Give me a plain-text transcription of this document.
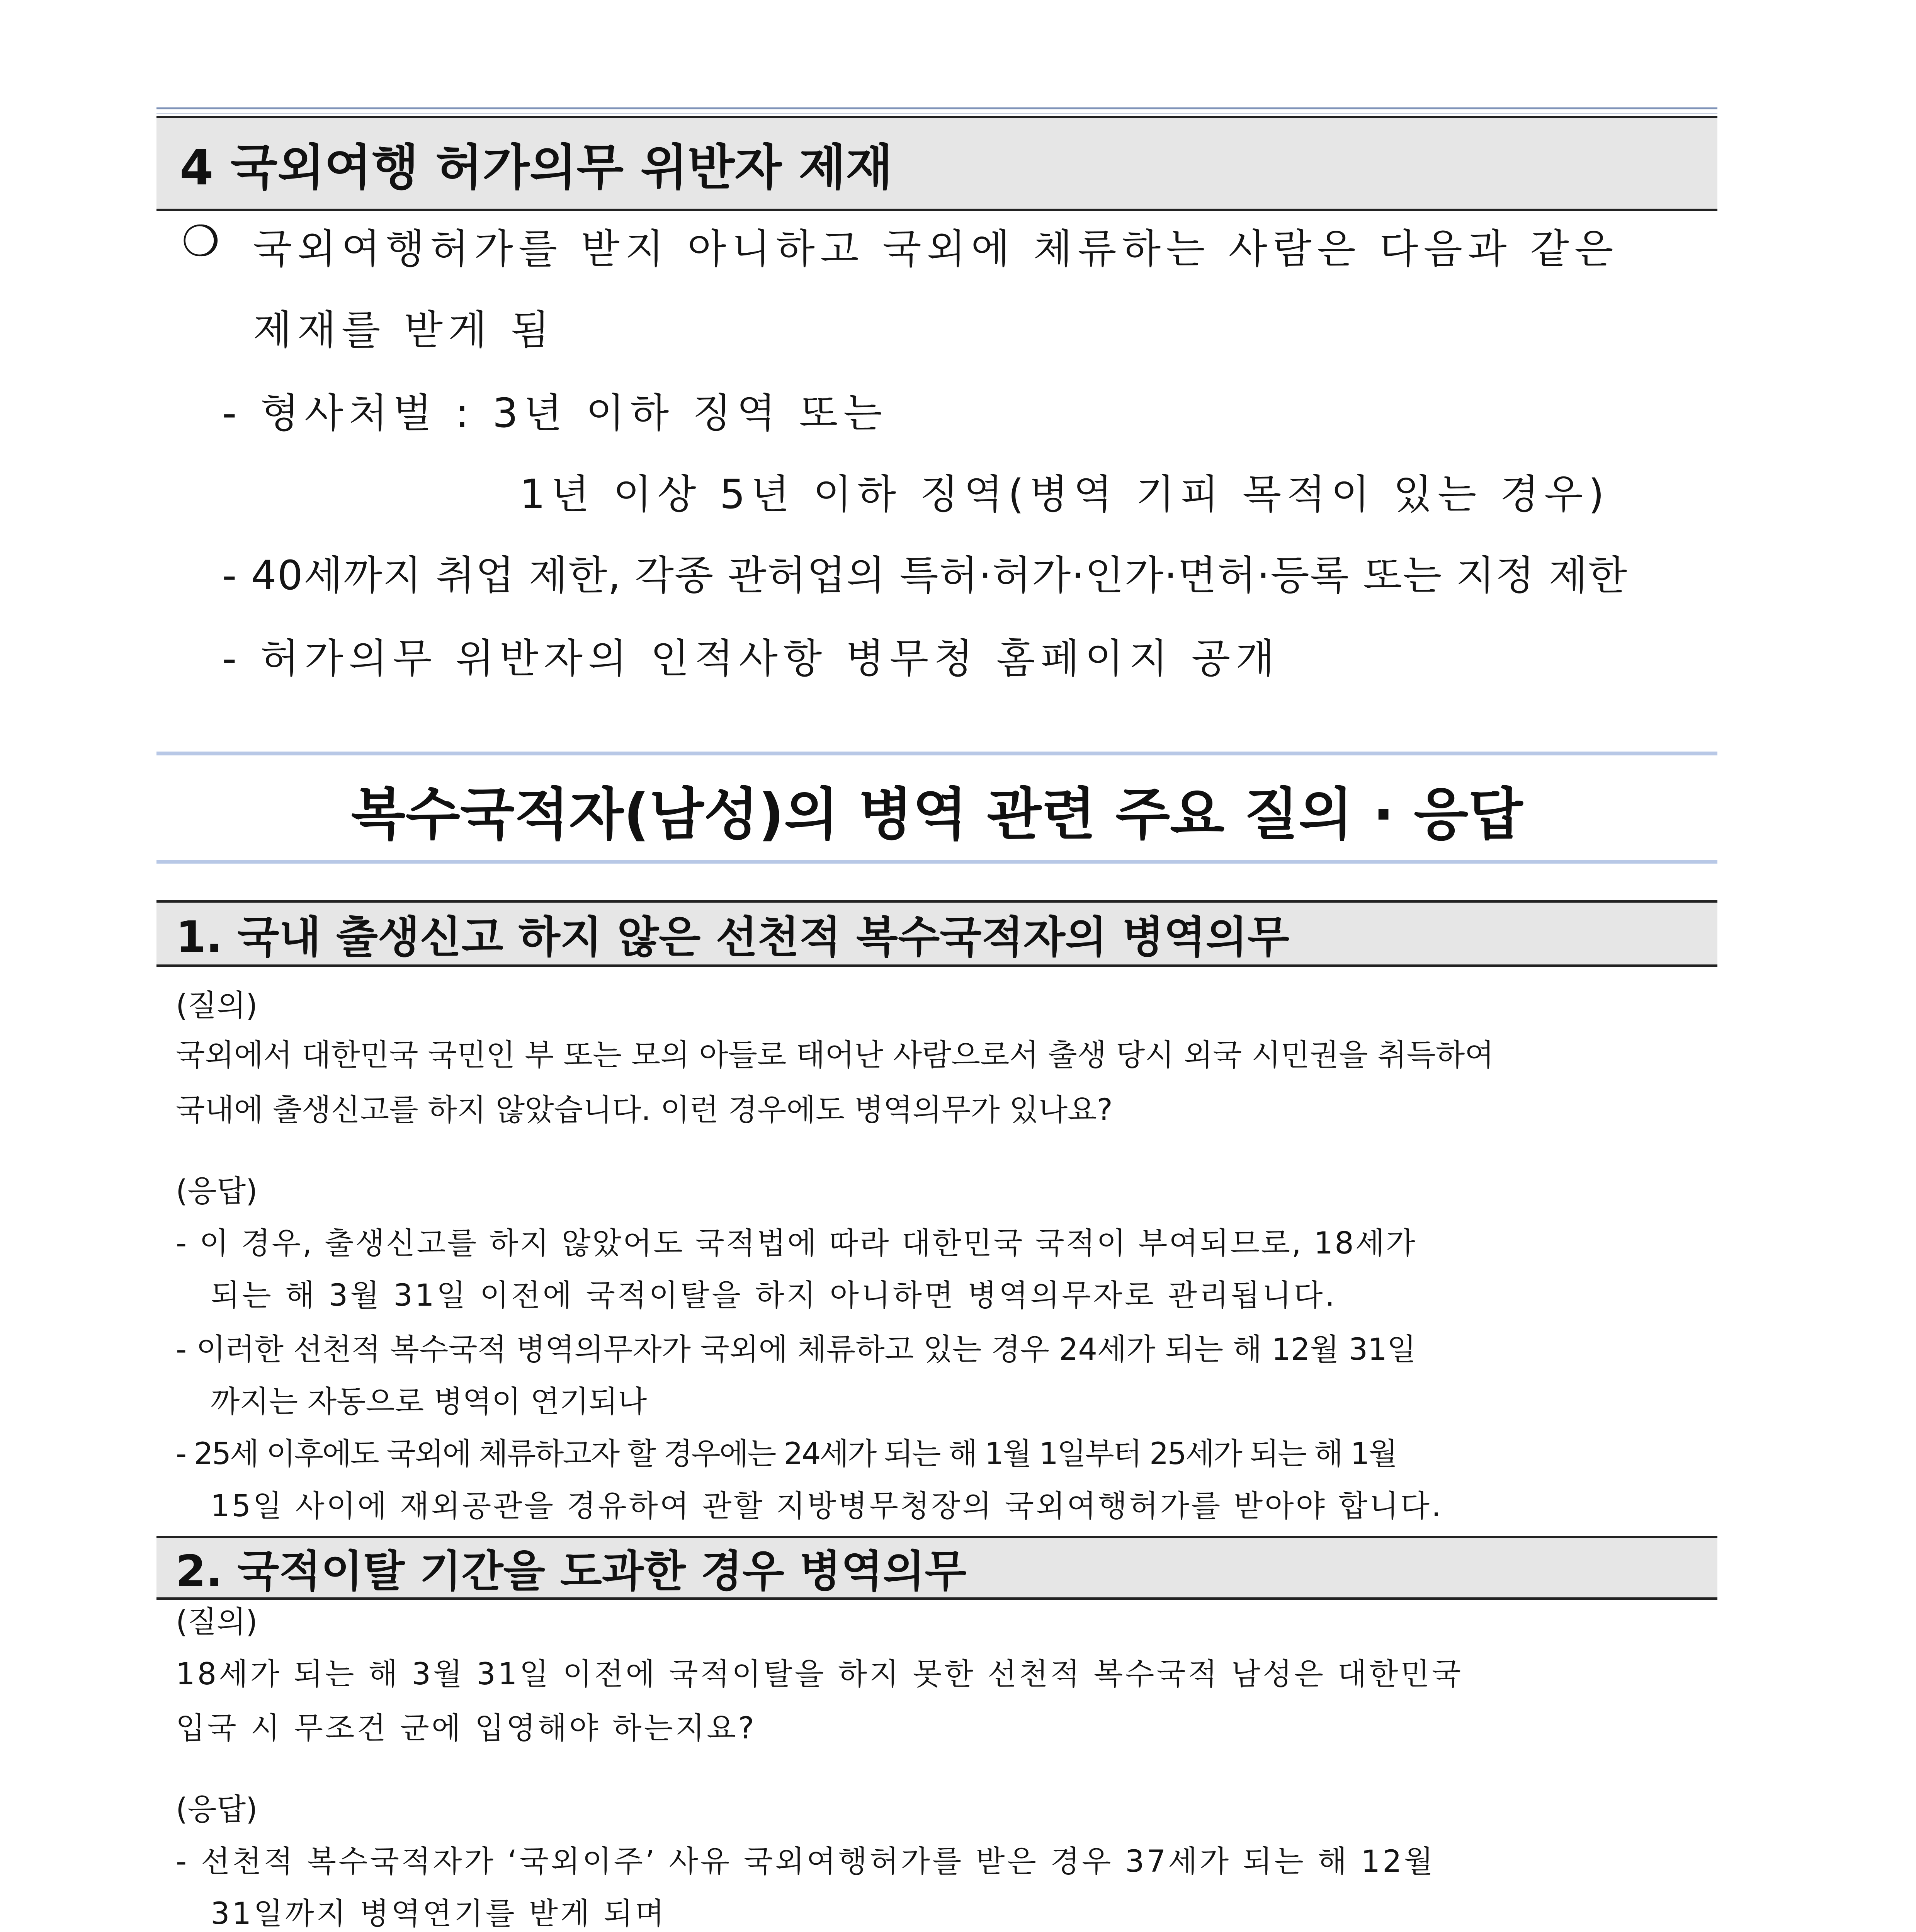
4 국외여행 허가의무 위반자 제재
❍ 국외여행허가를 받지 아니하고 국외에 체류하는 사람은 다음과 같은
제재를 받게 됨
- 형사처벌 : 3년 이하 징역 또는
1년 이상 5년 이하 징역(병역 기피 목적이 있는 경우)
- 40세까지 취업 제한, 각종 관허업의 특허·허가·인가·면허·등록 또는 지정 제한
- 허가의무 위반자의 인적사항 병무청 홈페이지 공개
복수국적자(남성)의 병역 관련 주요 질의 · 응답
1. 국내 출생신고 하지 않은 선천적 복수국적자의 병역의무
(질의)
국외에서 대한민국 국민인 부 또는 모의 아들로 태어난 사람으로서 출생 당시 외국 시민권을 취득하여
국내에 출생신고를 하지 않았습니다. 이런 경우에도 병역의무가 있나요?
(응답)
- 이 경우, 출생신고를 하지 않았어도 국적법에 따라 대한민국 국적이 부여되므로, 18세가
되는 해 3월 31일 이전에 국적이탈을 하지 아니하면 병역의무자로 관리됩니다.
- 이러한 선천적 복수국적 병역의무자가 국외에 체류하고 있는 경우 24세가 되는 해 12월 31일
까지는 자동으로 병역이 연기되나
- 25세 이후에도 국외에 체류하고자 할 경우에는 24세가 되는 해 1월 1일부터 25세가 되는 해 1월
15일 사이에 재외공관을 경유하여 관할 지방병무청장의 국외여행허가를 받아야 합니다.
2. 국적이탈 기간을 도과한 경우 병역의무
(질의)
18세가 되는 해 3월 31일 이전에 국적이탈을 하지 못한 선천적 복수국적 남성은 대한민국
입국 시 무조건 군에 입영해야 하는지요?
(응답)
- 선천적 복수국적자가 ‘국외이주’ 사유 국외여행허가를 받은 경우 37세가 되는 해 12월
31일까지 병역연기를 받게 되며
